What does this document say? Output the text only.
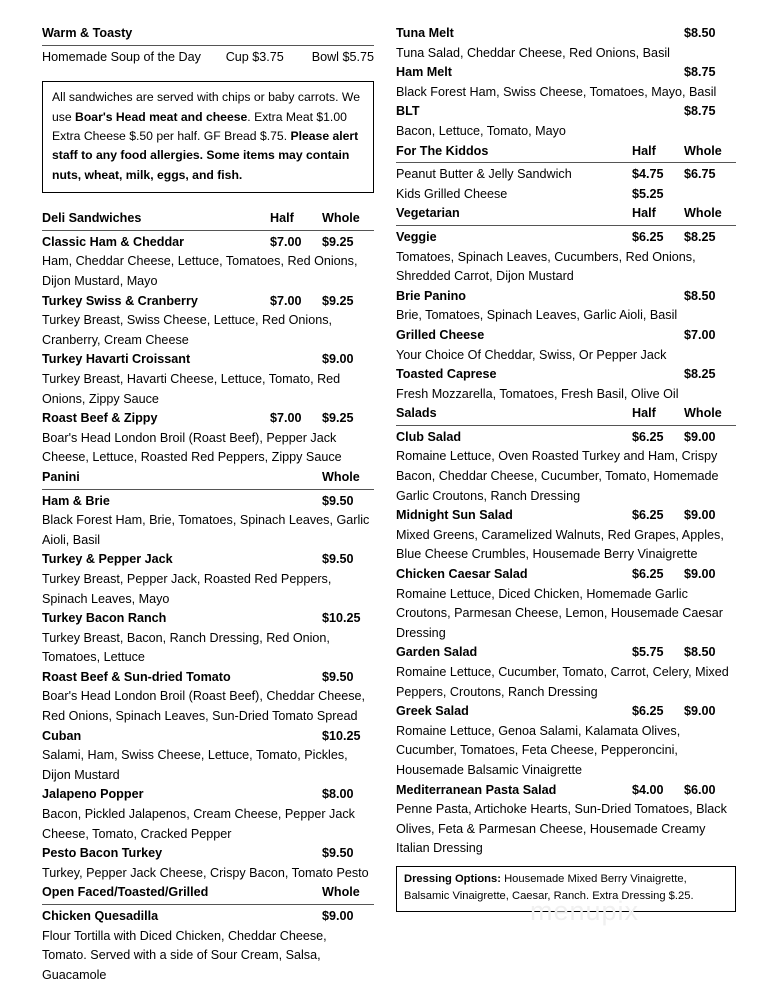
Warm & Toasty
Homemade Soup of the Day	Cup $3.75	Bowl $5.75
All sandwiches are served with chips or baby carrots. We use Boar's Head meat and cheese. Extra Meat $1.00 Extra Cheese $.50 per half. GF Bread $.75. Please alert staff to any food allergies. Some items may contain nuts, wheat, milk, eggs, and fish.
Deli Sandwiches	Half	Whole
Classic Ham & Cheddar	$7.00	$9.25
Ham, Cheddar Cheese, Lettuce, Tomatoes, Red Onions, Dijon Mustard, Mayo
Turkey Swiss & Cranberry	$7.00	$9.25
Turkey Breast, Swiss Cheese, Lettuce, Red Onions, Cranberry, Cream Cheese
Turkey Havarti Croissant	$9.00
Turkey Breast, Havarti Cheese, Lettuce, Tomato, Red Onions, Zippy Sauce
Roast Beef & Zippy	$7.00	$9.25
Boar's Head London Broil (Roast Beef), Pepper Jack Cheese, Lettuce, Roasted Red Peppers, Zippy Sauce
Panini	Whole
Ham & Brie	$9.50
Black Forest Ham, Brie, Tomatoes, Spinach Leaves, Garlic Aioli, Basil
Turkey & Pepper Jack	$9.50
Turkey Breast, Pepper Jack, Roasted Red Peppers, Spinach Leaves, Mayo
Turkey Bacon Ranch	$10.25
Turkey Breast, Bacon, Ranch Dressing, Red Onion, Tomatoes, Lettuce
Roast Beef & Sun-dried Tomato	$9.50
Boar's Head London Broil (Roast Beef), Cheddar Cheese, Red Onions, Spinach Leaves, Sun-Dried Tomato Spread
Cuban	$10.25
Salami, Ham, Swiss Cheese, Lettuce, Tomato, Pickles, Dijon Mustard
Jalapeno Popper	$8.00
Bacon, Pickled Jalapenos, Cream Cheese, Pepper Jack Cheese, Tomato, Cracked Pepper
Pesto Bacon Turkey	$9.50
Turkey, Pepper Jack Cheese, Crispy Bacon, Tomato Pesto
Open Faced/Toasted/Grilled	Whole
Chicken Quesadilla	$9.00
Flour Tortilla with Diced Chicken, Cheddar Cheese, Tomato. Served with a side of Sour Cream, Salsa, Guacamole
Tuna Melt	$8.50
Tuna Salad, Cheddar Cheese, Red Onions, Basil
Ham Melt	$8.75
Black Forest Ham, Swiss Cheese, Tomatoes, Mayo, Basil
BLT	$8.75
Bacon, Lettuce, Tomato, Mayo
For The Kiddos	Half	Whole
Peanut Butter & Jelly Sandwich	$4.75	$6.75
Kids Grilled Cheese	$5.25
Vegetarian	Half	Whole
Veggie	$6.25	$8.25
Tomatoes, Spinach Leaves, Cucumbers, Red Onions, Shredded Carrot, Dijon Mustard
Brie Panino	$8.50
Brie, Tomatoes, Spinach Leaves, Garlic Aioli, Basil
Grilled Cheese	$7.00
Your Choice Of Cheddar, Swiss, Or Pepper Jack
Toasted Caprese	$8.25
Fresh Mozzarella, Tomatoes, Fresh Basil, Olive Oil
Salads	Half	Whole
Club Salad	$6.25	$9.00
Romaine Lettuce, Oven Roasted Turkey and Ham, Crispy Bacon, Cheddar Cheese, Cucumber, Tomato, Homemade Garlic Croutons, Ranch Dressing
Midnight Sun Salad	$6.25	$9.00
Mixed Greens, Caramelized Walnuts, Red Grapes, Apples, Blue Cheese Crumbles, Housemade Berry Vinaigrette
Chicken Caesar Salad	$6.25	$9.00
Romaine Lettuce, Diced Chicken, Homemade Garlic Croutons, Parmesan Cheese, Lemon, Housemade Caesar Dressing
Garden Salad	$5.75	$8.50
Romaine Lettuce, Cucumber, Tomato, Carrot, Celery, Mixed Peppers, Croutons, Ranch Dressing
Greek Salad	$6.25	$9.00
Romaine Lettuce, Genoa Salami, Kalamata Olives, Cucumber, Tomatoes, Feta Cheese, Pepperoncini, Housemade Balsamic Vinaigrette
Mediterranean Pasta Salad	$4.00	$6.00
Penne Pasta, Artichoke Hearts, Sun-Dried Tomatoes, Black Olives, Feta & Parmesan Cheese, Housemade Creamy Italian Dressing
Dressing Options: Housemade Mixed Berry Vinaigrette, Balsamic Vinaigrette, Caesar, Ranch. Extra Dressing $.25.
menupix
